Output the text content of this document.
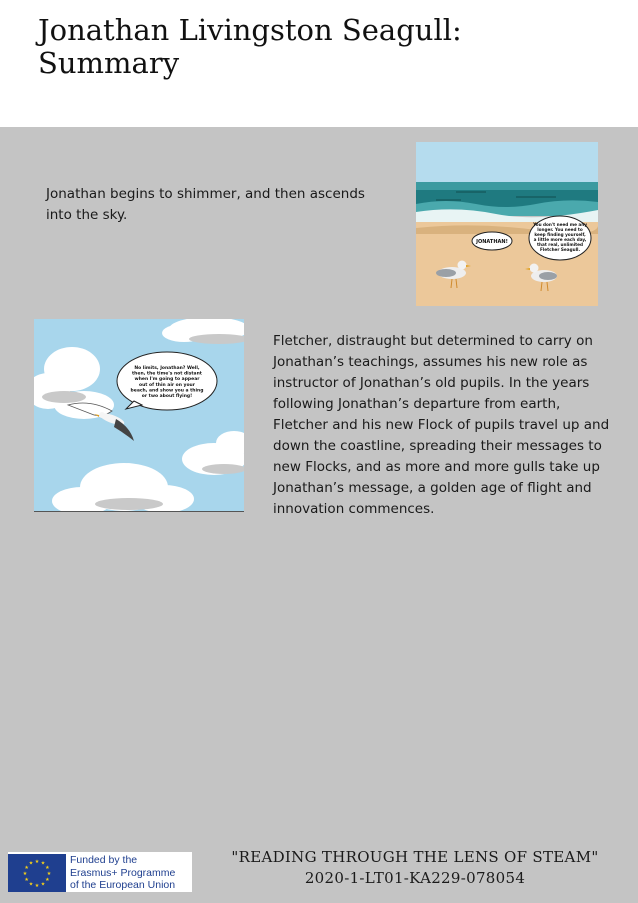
Jonathan Livingston Seagull:
Summary

Jonathan begins to shimmer, and then ascends into the sky.

JONATHAN!
You don't need me any
longer. You need to
keep finding yourself,
a little more each day,
that real, unlimited
Fletcher Seagull.
No limits, Jonathan? Well,
then, the time's not distant
when I'm going to appear
out of thin air on your
beach, and show you a thing
or two about flying!

Fletcher, distraught but determined to carry on Jonathan’s teachings, assumes his new role as instructor of Jonathan’s old pupils. In the years following Jonathan’s departure from earth, Fletcher and his new Flock of pupils travel up and down the coastline, spreading their messages to new Flocks, and as more and more gulls take up Jonathan’s message, a golden age of flight and innovation commences.

★
★
★
★
★
★
★
★
★ ★ ★
★
Funded by the
Erasmus+ Programme
of the European Union
"READING THROUGH THE LENS OF STEAM"
2020-1-LT01-KA229-078054
